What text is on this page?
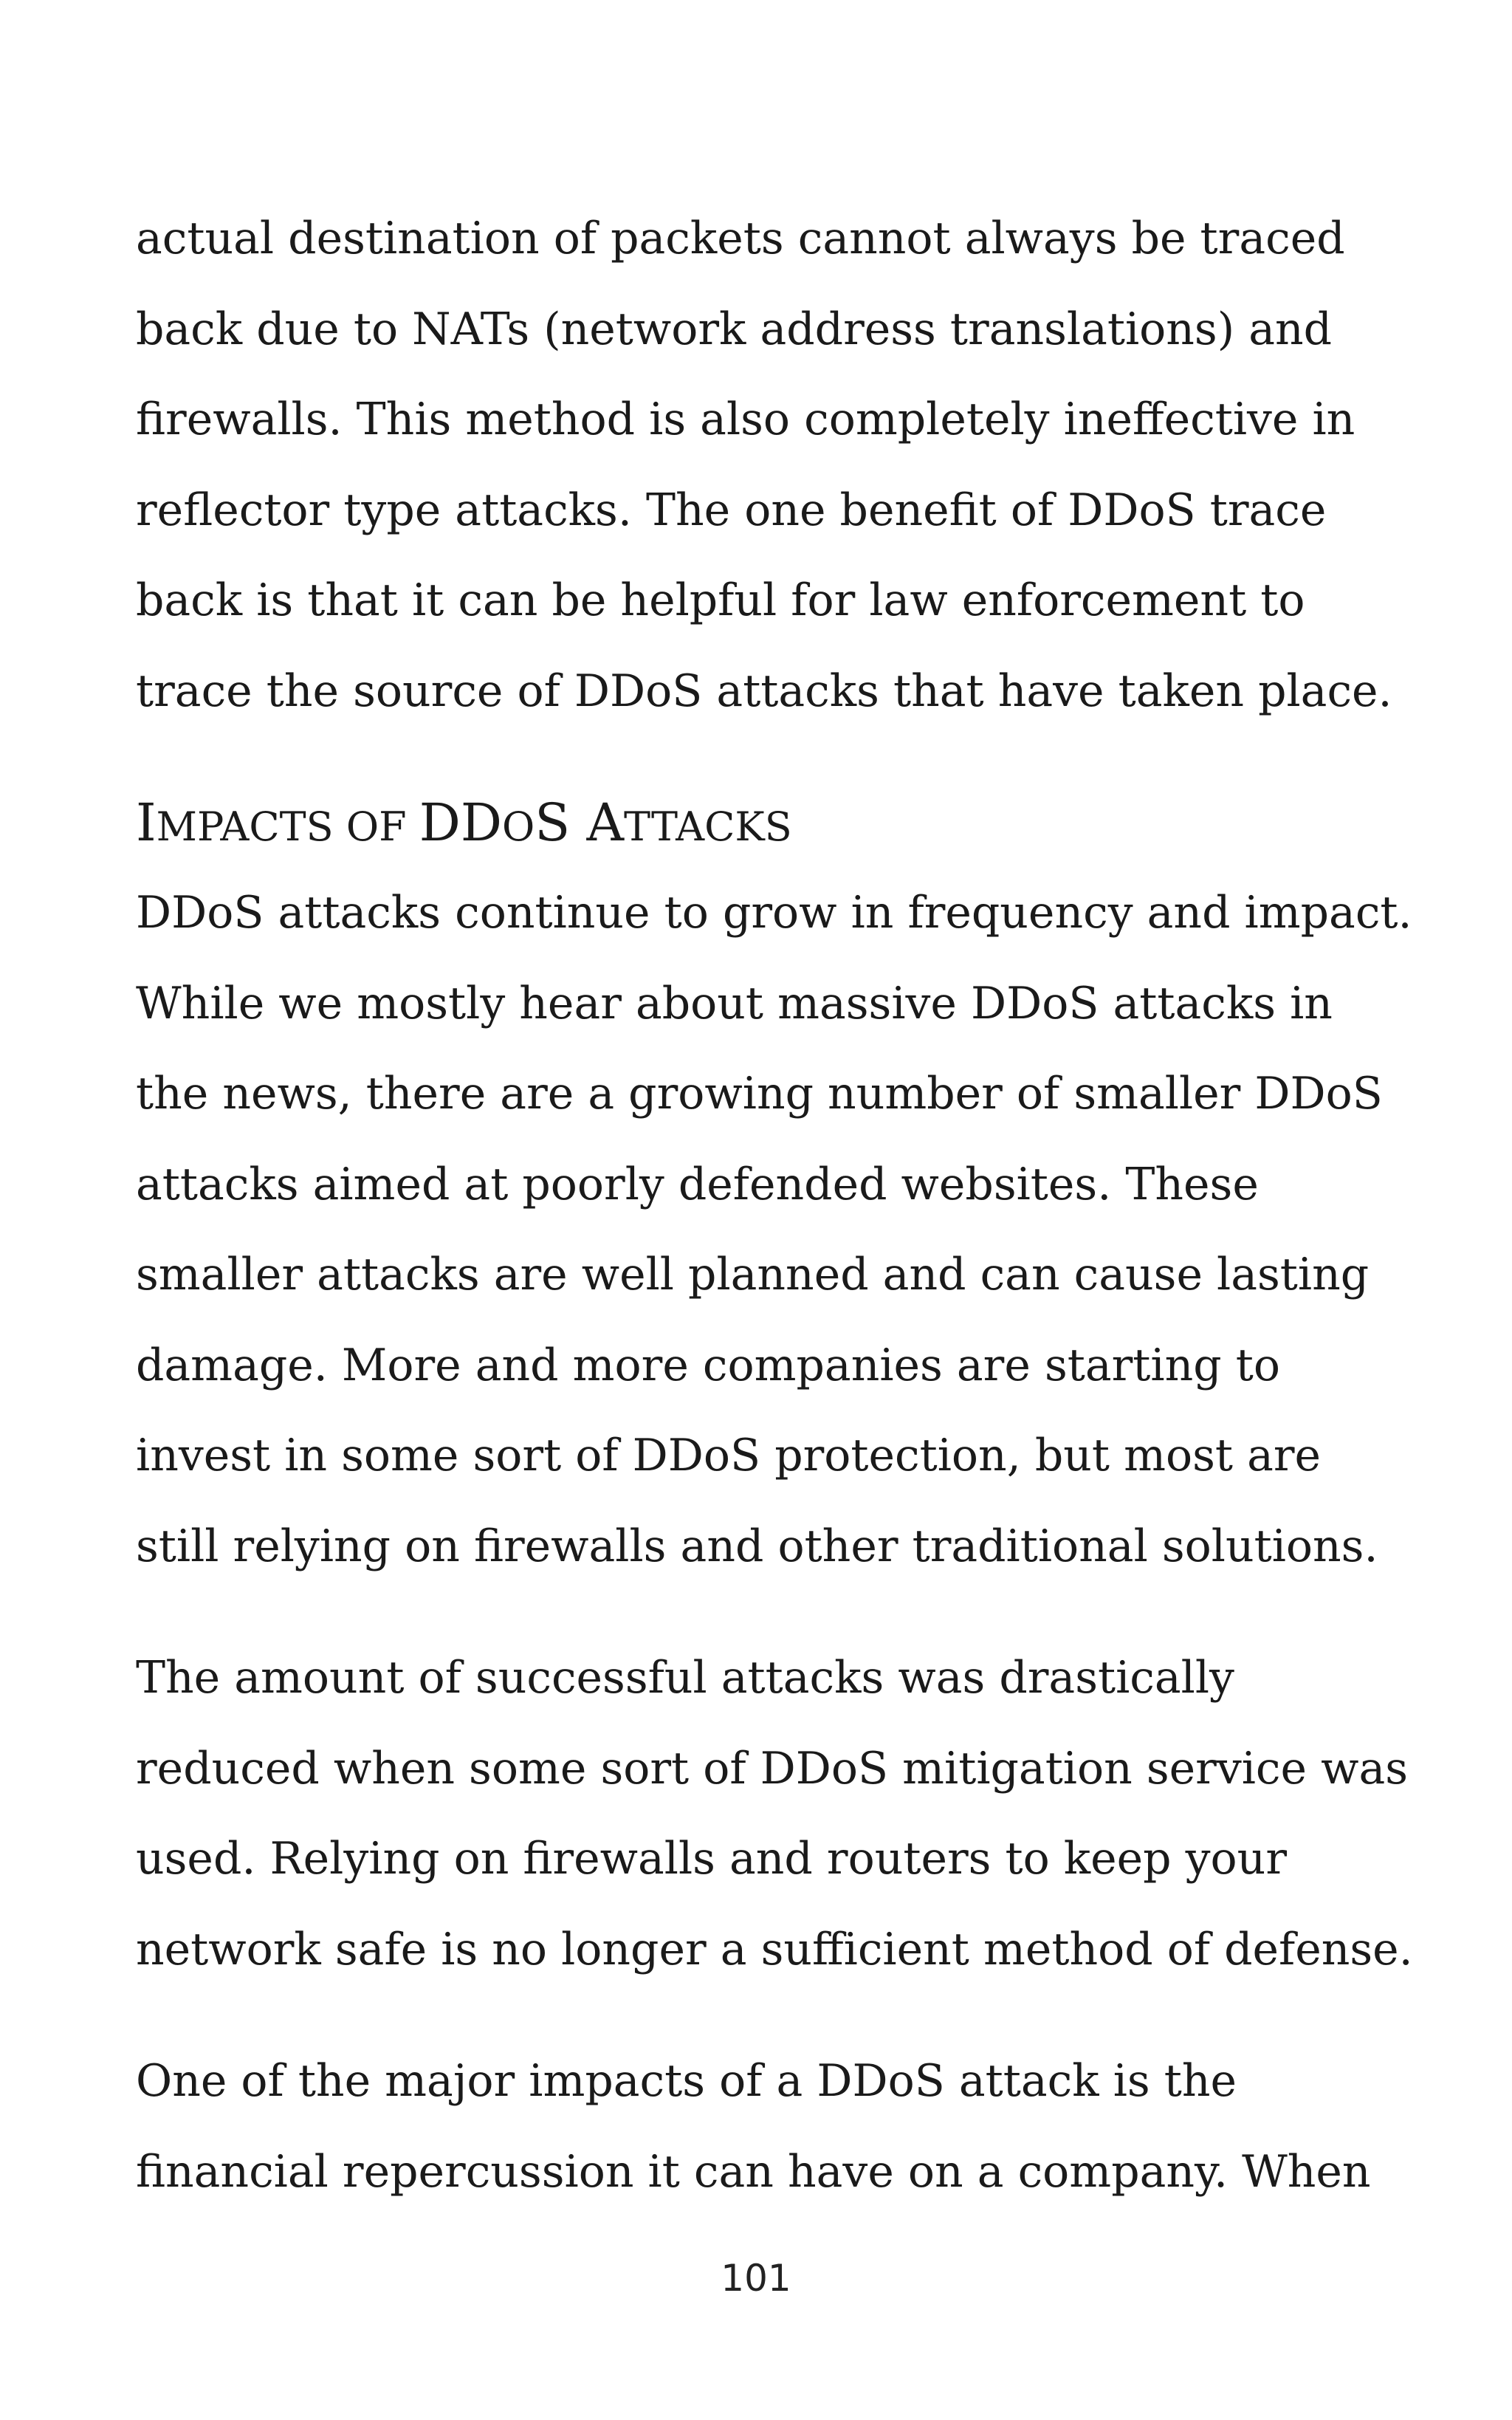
actual destination of packets cannot always be traced
back due to NATs (network address translations) and
firewalls. This method is also completely ineffective in
reflector type attacks. The one benefit of DDoS trace
back is that it can be helpful for law enforcement to
trace the source of DDoS attacks that have taken place.

IMPACTS OF DDOS ATTACKS

DDoS attacks continue to grow in frequency and impact.
While we mostly hear about massive DDoS attacks in
the news, there are a growing number of smaller DDoS
attacks aimed at poorly defended websites. These
smaller attacks are well planned and can cause lasting
damage. More and more companies are starting to
invest in some sort of DDoS protection, but most are
still relying on firewalls and other traditional solutions.

The amount of successful attacks was drastically
reduced when some sort of DDoS mitigation service was
used. Relying on firewalls and routers to keep your
network safe is no longer a sufficient method of defense.

One of the major impacts of a DDoS attack is the
financial repercussion it can have on a company. When

101
